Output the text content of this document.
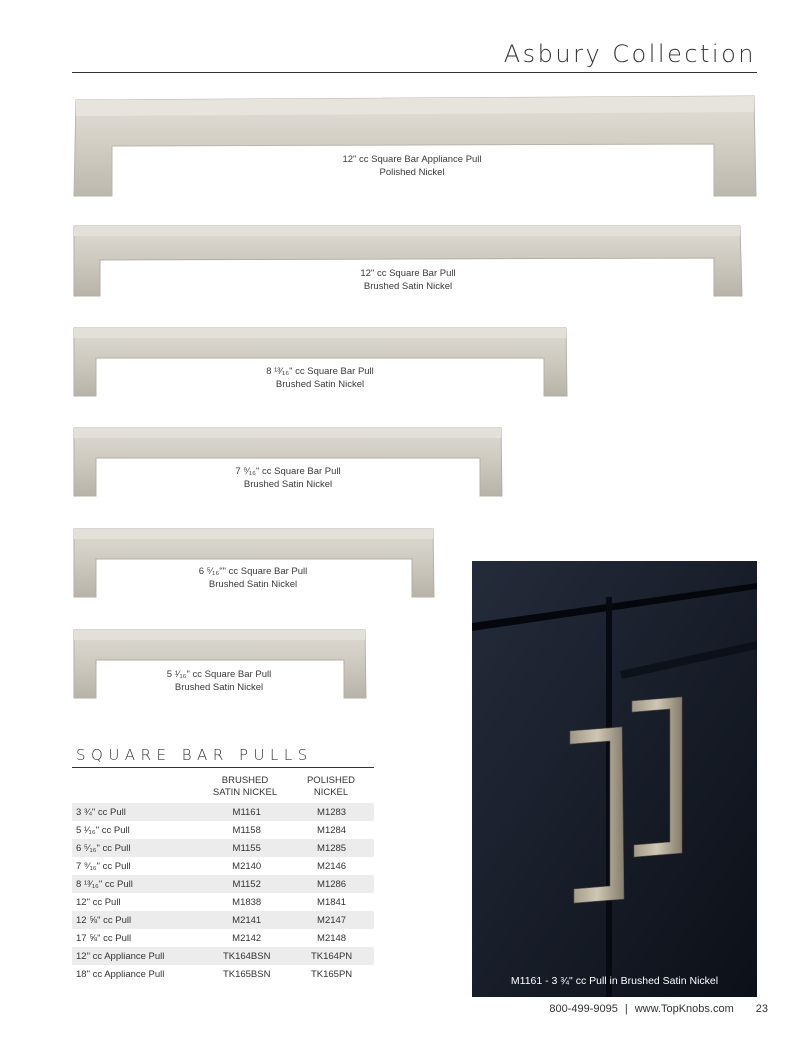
Asbury Collection
12" cc Square Bar Appliance Pull
Polished Nickel
12" cc Square Bar Pull
Brushed Satin Nickel
8 ¹³⁄₁₆" cc Square Bar Pull
Brushed Satin Nickel
7 ⁹⁄₁₆" cc Square Bar Pull
Brushed Satin Nickel
6 ⁵⁄₁₆"" cc Square Bar Pull
Brushed Satin Nickel
5 ¹⁄₁₆" cc Square Bar Pull
Brushed Satin Nickel
SQUARE BAR PULLS
BRUSHED
SATIN NICKEL
POLISHED
NICKEL
3 ¾" cc Pull	M1161	M1283
5 ¹⁄₁₆" cc Pull	M1158	M1284
6 ⁵⁄₁₆" cc Pull	M1155	M1285
7 ⁹⁄₁₆" cc Pull	M2140	M2146
8 ¹³⁄₁₆" cc Pull	M1152	M1286
12" cc Pull	M1838	M1841
12 ⅝" cc Pull	M2141	M2147
17 ⅝" cc Pull	M2142	M2148
12" cc Appliance Pull	TK164BSN	TK164PN
18" cc Appliance Pull	TK165BSN	TK165PN
M1161 - 3 ¾" cc Pull in Brushed Satin Nickel
800-499-9095 | www.TopKnobs.com 23
